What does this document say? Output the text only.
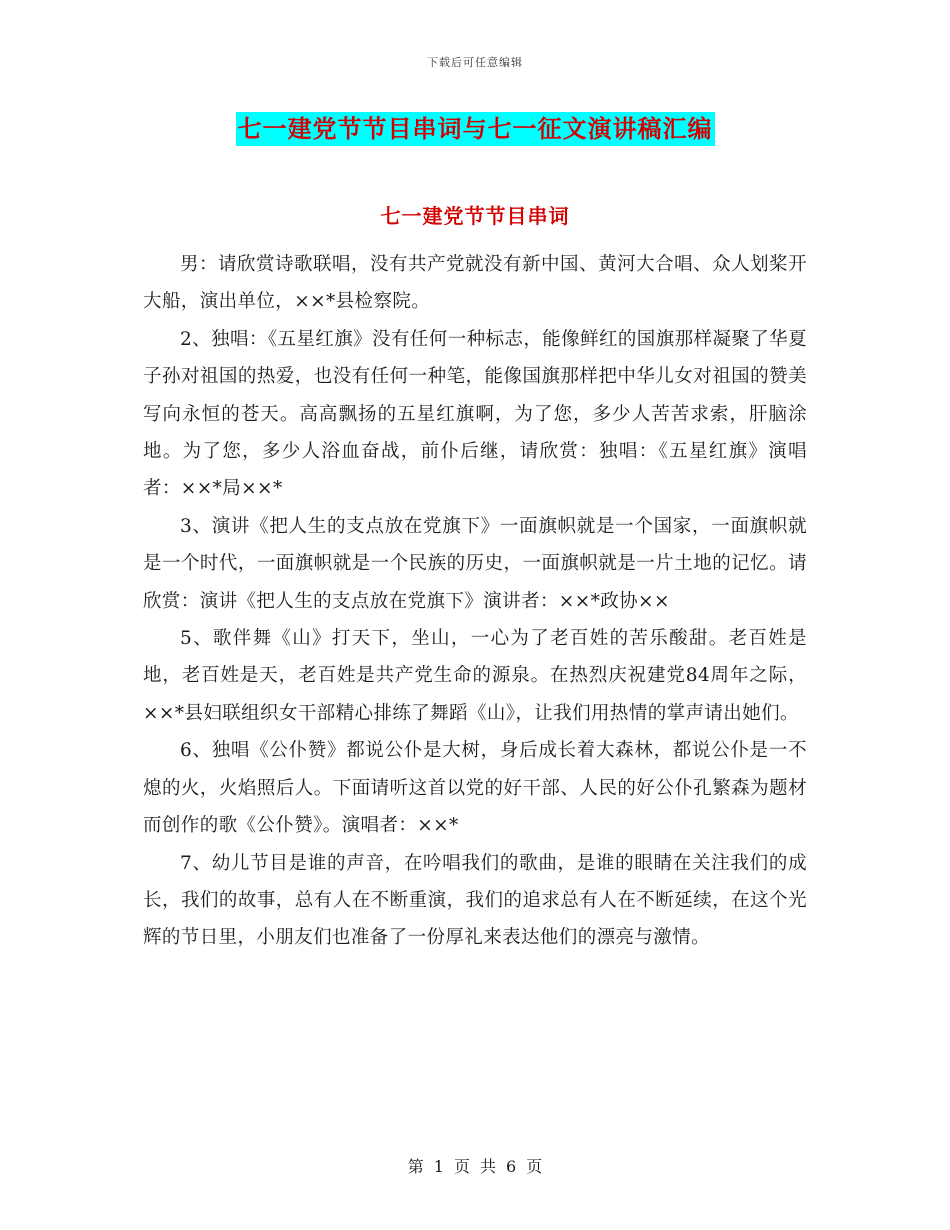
下载后可任意编辑
七一建党节节目串词与七一征文演讲稿汇编
七一建党节节目串词

男：请欣赏诗歌联唱，没有共产党就没有新中国、黄河大合唱、众人划桨开大船，演出单位，××*县检察院。

2、独唱：《五星红旗》没有任何一种标志，能像鲜红的国旗那样凝聚了华夏子孙对祖国的热爱，也没有任何一种笔，能像国旗那样把中华儿女对祖国的赞美写向永恒的苍天。高高飘扬的五星红旗啊，为了您，多少人苦苦求索，肝脑涂地。为了您，多少人浴血奋战，前仆后继，请欣赏：独唱：《五星红旗》演唱者：××*局××*

3、演讲《把人生的支点放在党旗下》一面旗帜就是一个国家，一面旗帜就是一个时代，一面旗帜就是一个民族的历史，一面旗帜就是一片土地的记忆。请欣赏：演讲《把人生的支点放在党旗下》演讲者：××*政协××

5、歌伴舞《山》打天下，坐山，一心为了老百姓的苦乐酸甜。老百姓是地，老百姓是天，老百姓是共产党生命的源泉。在热烈庆祝建党84周年之际，××*县妇联组织女干部精心排练了舞蹈《山》，让我们用热情的掌声请出她们。

6、独唱《公仆赞》都说公仆是大树，身后成长着大森林，都说公仆是一不熄的火，火焰照后人。下面请听这首以党的好干部、人民的好公仆孔繁森为题材而创作的歌《公仆赞》。演唱者：××*

7、幼儿节目是谁的声音，在吟唱我们的歌曲，是谁的眼睛在关注我们的成长，我们的故事，总有人在不断重演，我们的追求总有人在不断延续，在这个光辉的节日里，小朋友们也准备了一份厚礼来表达他们的漂亮与激情。

第 1 页 共 6 页
